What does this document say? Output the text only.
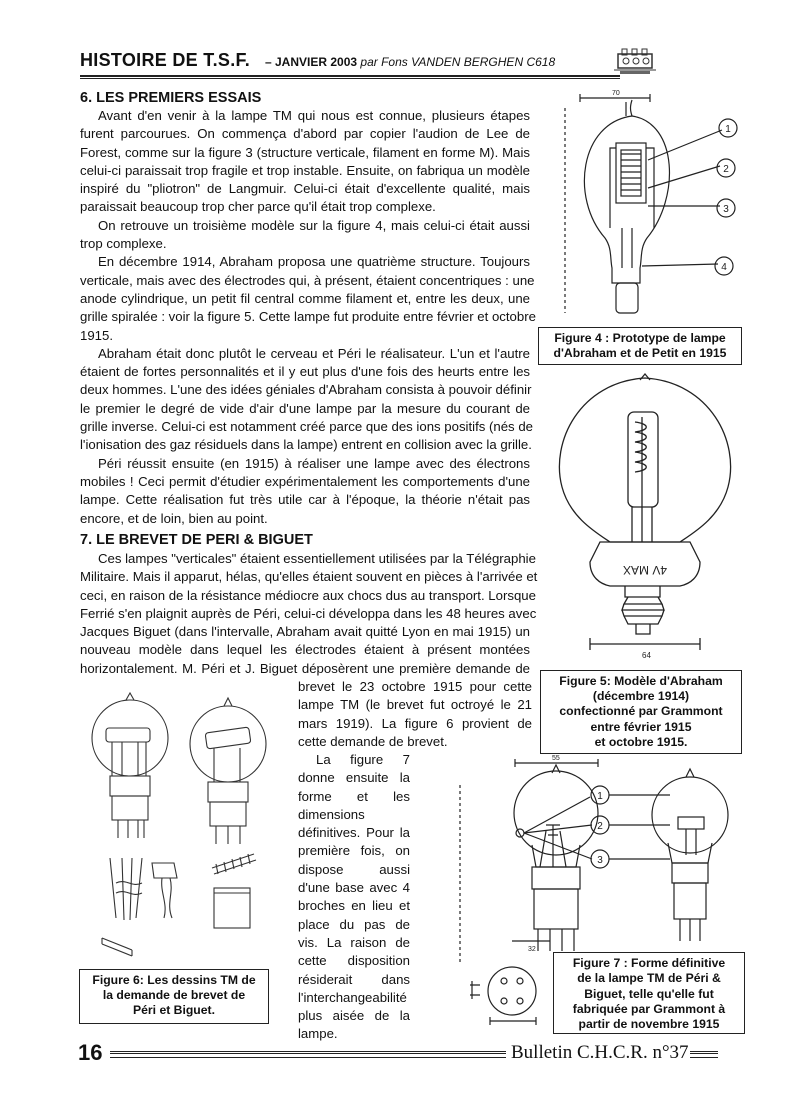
HISTOIRE DE T.S.F. – JANVIER 2003 par Fons VANDEN BERGHEN C618
6. LES PREMIERS ESSAIS
Avant d'en venir à la lampe TM qui nous est connue, plusieurs étapes
furent parcourues. On commença d'abord par copier l'audion de Lee de
Forest, comme sur la figure 3 (structure verticale, filament en forme M). Mais
celui-ci paraissait trop fragile et trop instable. Ensuite, on fabriqua un modèle
inspiré du "pliotron" de Langmuir. Celui-ci était d'excellente qualité, mais
paraissait beaucoup trop cher parce qu'il était trop complexe.
On retrouve un troisième modèle sur la figure 4, mais celui-ci était aussi
trop complexe.
En décembre 1914, Abraham proposa une quatrième structure. Toujours
verticale, mais avec des électrodes qui, à présent, étaient concentriques : une
anode cylindrique, un petit fil central comme filament et, entre les deux, une
grille spiralée : voir la figure 5. Cette lampe fut produite entre février et octobre
1915.
Abraham était donc plutôt le cerveau et Péri le réalisateur. L'un et l'autre
étaient de fortes personnalités et il y eut plus d'une fois des heurts entre les
deux hommes. L'une des idées géniales d'Abraham consista à pouvoir définir
le premier le degré de vide d'air d'une lampe par la mesure du courant de
grille inverse. Celui-ci est notamment créé parce que des ions positifs (nés de
l'ionisation des gaz résiduels dans la lampe) entrent en collision avec la grille.
Péri réussit ensuite (en 1915) à réaliser une lampe avec des électrons
mobiles ! Ceci permit d'étudier expérimentalement les comportements d'une
lampe. Cette réalisation fut très utile car à l'époque, la théorie n'était pas
encore, et de loin, bien au point.
70
1
2
3
4
Figure 4 : Prototype de lampe
d'Abraham et de Petit en 1915
4V MAX
64
Figure 5: Modèle d'Abraham
(décembre 1914)
confectionné par Grammont
entre février 1915
et octobre 1915.
7. LE BREVET DE PERI & BIGUET
Ces lampes "verticales" étaient essentiellement utilisées par la Télégraphie
Militaire. Mais il apparut, hélas, qu'elles étaient souvent en pièces à l'arrivée et
ceci, en raison de la résistance médiocre aux chocs dus au transport. Lorsque
Ferrié s'en plaignit auprès de Péri, celui-ci développa dans les 48 heures avec
Jacques Biguet (dans l'intervalle, Abraham avait quitté Lyon en mai 1915) un
nouveau modèle dans lequel les électrodes étaient à présent montées
horizontalement. M. Péri et J. Biguet déposèrent une première demande de
brevet le 23 octobre 1915 pour cette
lampe TM (le brevet fut octroyé le 21
mars 1919). La figure 6 provient de
cette demande de brevet.
La figure 7
donne ensuite la
forme et les
dimensions
définitives. Pour la
première fois, on
dispose aussi
d'une base avec 4
broches en lieu et
place du pas de
vis. La raison de
cette disposition
résiderait dans
l'interchangeabilité
plus aisée de la
lampe.
Figure 6: Les dessins TM de
la demande de brevet de
Péri et Biguet.
1
2
3
55
32
Figure 7 : Forme définitive
de la lampe TM de Péri &
Biguet, telle qu'elle fut
fabriquée par Grammont à
partir de novembre 1915
16	Bulletin C.H.C.R. n°37
